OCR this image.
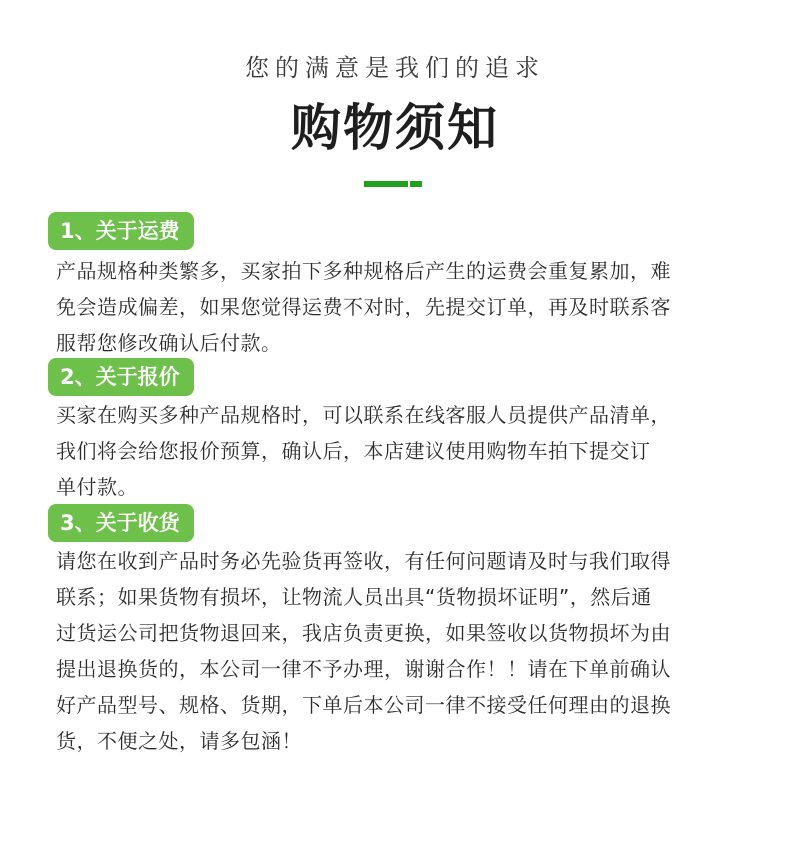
您的满意是我们的追求
购物须知
1、关于运费
产品规格种类繁多，买家拍下多种规格后产生的运费会重复累加，难
免会造成偏差，如果您觉得运费不对时，先提交订单，再及时联系客
服帮您修改确认后付款。
2、关于报价
买家在购买多种产品规格时，可以联系在线客服人员提供产品清单，
我们将会给您报价预算，确认后，本店建议使用购物车拍下提交订
单付款。
3、关于收货
请您在收到产品时务必先验货再签收，有任何问题请及时与我们取得
联系；如果货物有损坏，让物流人员出具“货物损坏证明”，然后通
过货运公司把货物退回来，我店负责更换，如果签收以货物损坏为由
提出退换货的，本公司一律不予办理，谢谢合作！！请在下单前确认
好产品型号、规格、货期，下单后本公司一律不接受任何理由的退换
货，不便之处，请多包涵！
